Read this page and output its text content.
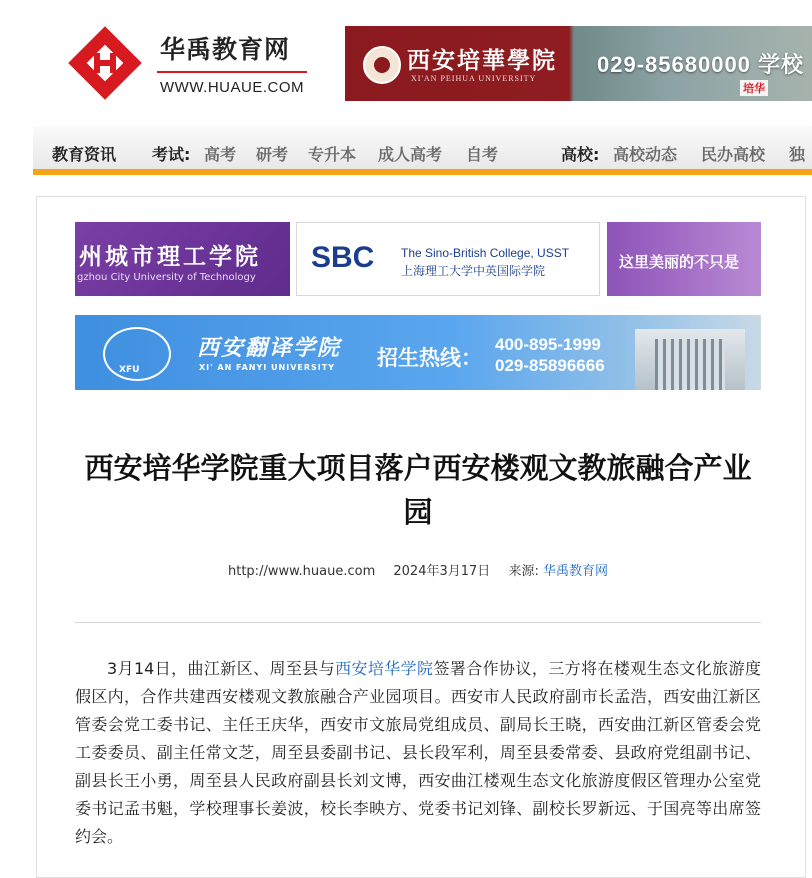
华禹教育网
WWW.HUAUE.COM
西安培華學院
XI'AN PEIHUA UNIVERSITY
029-85680000 学校
培华
教育资讯 考试: 高考 研考 专升本 成人高考 自考	高校: 高校动态 民办高校 独
州城市理工学院
gzhou City University of Technology
SBC The Sino-British College, USST
上海理工大学中英国际学院	这里美丽的不只是
XFU
西安翻译学院
XI' AN FANYI UNIVERSITY 招生热线：
400-895-1999
029-85896666
西安培华学院重大项目落户西安楼观文教旅融合产业园
http://www.huaue.com 2024年3月17日 来源: 华禹教育网

3月14日，曲江新区、周至县与西安培华学院签署合作协议，三方将在楼观生态文化旅游度假区内，合作共建西安楼观文教旅融合产业园项目。西安市人民政府副市长孟浩，西安曲江新区管委会党工委书记、主任王庆华，西安市文旅局党组成员、副局长王晓，西安曲江新区管委会党工委委员、副主任常文芝，周至县委副书记、县长段军利，周至县委常委、县政府党组副书记、副县长王小勇，周至县人民政府副县长刘文博，西安曲江楼观生态文化旅游度假区管理办公室党委书记孟书魁，学校理事长姜波，校长李映方、党委书记刘锋、副校长罗新远、于国亮等出席签约会。
